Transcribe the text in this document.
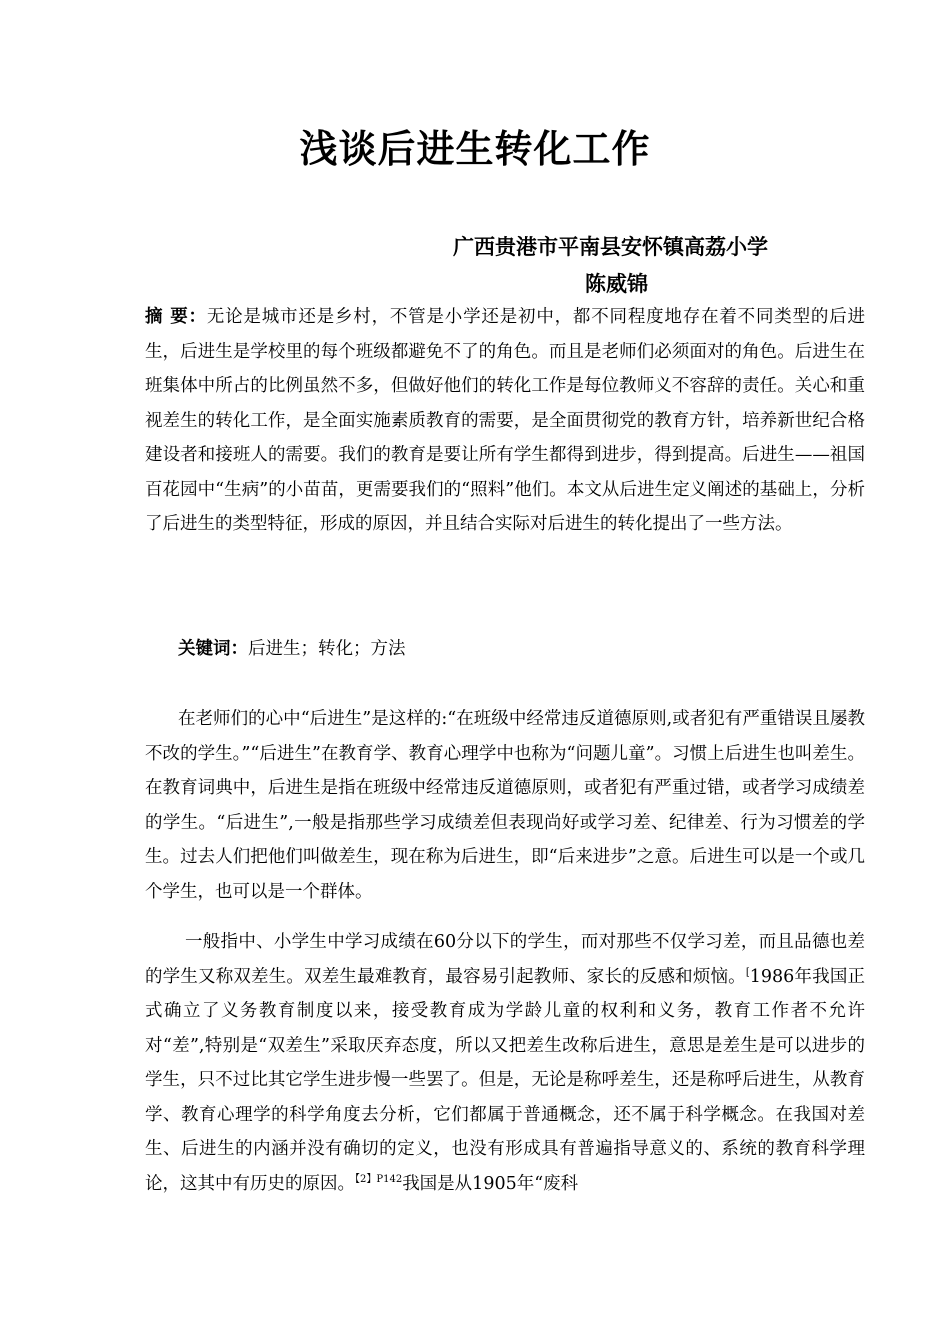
浅谈后进生转化工作
广西贵港市平南县安怀镇高荔小学
陈威锦
摘 要：无论是城市还是乡村，不管是小学还是初中，都不同程度地存在着不同类型的后进生，后进生是学校里的每个班级都避免不了的角色。而且是老师们必须面对的角色。后进生在班集体中所占的比例虽然不多，但做好他们的转化工作是每位教师义不容辞的责任。关心和重视差生的转化工作，是全面实施素质教育的需要，是全面贯彻党的教育方针，培养新世纪合格建设者和接班人的需要。我们的教育是要让所有学生都得到进步，得到提高。后进生——祖国百花园中“生病”的小苗苗，更需要我们的“照料”他们。本文从后进生定义阐述的基础上，分析了后进生的类型特征，形成的原因，并且结合实际对后进生的转化提出了一些方法。
关键词：后进生；转化；方法
在老师们的心中“后进生”是这样的:“在班级中经常违反道德原则,或者犯有严重错误且屡教不改的学生。”“后进生”在教育学、教育心理学中也称为“问题儿童”。习惯上后进生也叫差生。在教育词典中，后进生是指在班级中经常违反道德原则，或者犯有严重过错，或者学习成绩差的学生。“后进生”,一般是指那些学习成绩差但表现尚好或学习差、纪律差、行为习惯差的学生。过去人们把他们叫做差生，现在称为后进生，即“后来进步”之意。后进生可以是一个或几个学生，也可以是一个群体。
一般指中、小学生中学习成绩在60分以下的学生，而对那些不仅学习差，而且品德也差的学生又称双差生。双差生最难教育，最容易引起教师、家长的反感和烦恼。[1986年我国正式确立了义务教育制度以来，接受教育成为学龄儿童的权利和义务，教育工作者不允许对“差”,特别是“双差生”采取厌弃态度，所以又把差生改称后进生，意思是差生是可以进步的学生，只不过比其它学生进步慢一些罢了。但是，无论是称呼差生，还是称呼后进生，从教育学、教育心理学的科学角度去分析，它们都属于普通概念，还不属于科学概念。在我国对差生、后进生的内涵并没有确切的定义，也没有形成具有普遍指导意义的、系统的教育科学理论，这其中有历史的原因。$^{【2】P142}$我国是从1905年“废科
